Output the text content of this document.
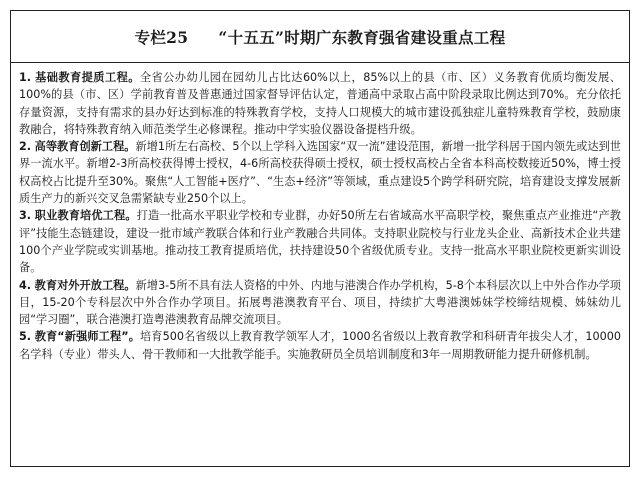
专栏25 “十五五”时期广东教育强省建设重点工程

1. 基础教育提质工程。全省公办幼儿园在园幼儿占比达60%以上，85%以上的县（市、区）义务教育优质均衡发展、100%的县（市、区）学前教育普及普惠通过国家督导评估认定，普通高中录取占高中阶段录取比例达到70%。充分依托存量资源，支持有需求的县办好达到标准的特殊教育学校，支持人口规模大的城市建设孤独症儿童特殊教育学校，鼓励康教融合，将特殊教育纳入师范类学生必修课程。推动中学实验仪器设备提档升级。

2. 高等教育创新工程。新增1所左右高校、5个以上学科入选国家“双一流”建设范围，新增一批学科居于国内领先或达到世界一流水平。新增2-3所高校获得博士授权，4-6所高校获得硕士授权，硕士授权高校占全省本科高校数接近50%，博士授权高校占比提升至30%。聚焦“人工智能+医疗”、“生态+经济”等领域，重点建设5个跨学科研究院，培育建设支撑发展新质生产力的新兴交叉急需紧缺专业250个以上。

3. 职业教育培优工程。打造一批高水平职业学校和专业群，办好50所左右省域高水平高职学校，聚焦重点产业推进“产教评”技能生态链建设，建设一批市域产教联合体和行业产教融合共同体。支持职业院校与行业龙头企业、高新技术企业共建100个产业学院或实训基地。推动技工教育提质培优，扶持建设50个省级优质专业。支持一批高水平职业院校更新实训设备。

4. 教育对外开放工程。新增3-5所不具有法人资格的中外、内地与港澳合作办学机构，5-8个本科层次以上中外合作办学项目，15-20个专科层次中外合作办学项目。拓展粤港澳教育平台、项目，持续扩大粤港澳姊妹学校缔结规模、姊妹幼儿园“学习圈”，联合港澳打造粤港澳教育品牌交流项目。

5. 教育“新强师工程”。培育500名省级以上教育教学领军人才，1000名省级以上教育教学和科研青年拔尖人才，10000名学科（专业）带头人、骨干教师和一大批教学能手。实施教研员全员培训制度和3年一周期教研能力提升研修机制。
